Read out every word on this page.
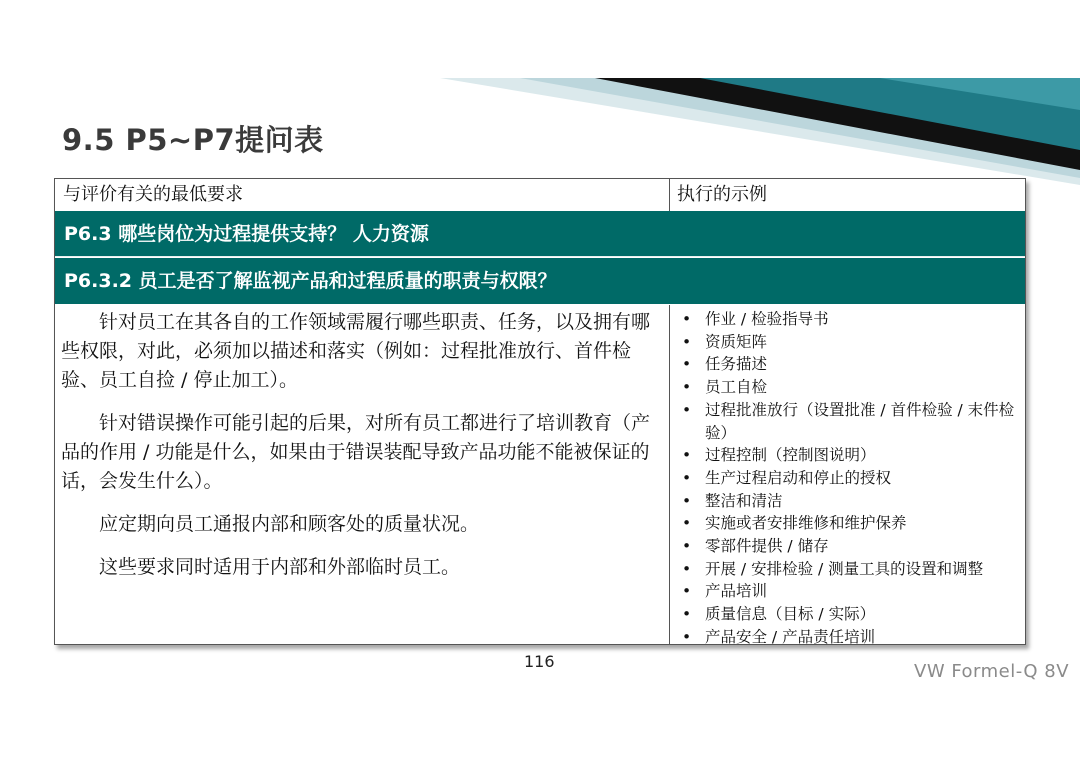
9.5 P5~P7提问表
与评价有关的最低要求	执行的示例
P6.3 哪些岗位为过程提供支持？ 人力资源
P6.3.2 员工是否了解监视产品和过程质量的职责与权限？

针对员工在其各自的工作领域需履行哪些职责、任务，以及拥有哪些权限，对此，必须加以描述和落实（例如：过程批准放行、首件检验、员工自捡 / 停止加工）。

针对错误操作可能引起的后果，对所有员工都进行了培训教育（产品的作用 / 功能是什么，如果由于错误装配导致产品功能不能被保证的话，会发生什么）。

应定期向员工通报内部和顾客处的质量状况。

这些要求同时适用于内部和外部临时员工。

• 作业 / 检验指导书
• 资质矩阵
• 任务描述
• 员工自检
• 过程批准放行（设置批准 / 首件检验 / 末件检验）
• 过程控制（控制图说明）
• 生产过程启动和停止的授权
• 整洁和清洁
• 实施或者安排维修和维护保养
• 零部件提供 / 储存
• 开展 / 安排检验 / 测量工具的设置和调整
• 产品培训
• 质量信息（目标 / 实际）
• 产品安全 / 产品责任培训
116	VW Formel-Q 8V
